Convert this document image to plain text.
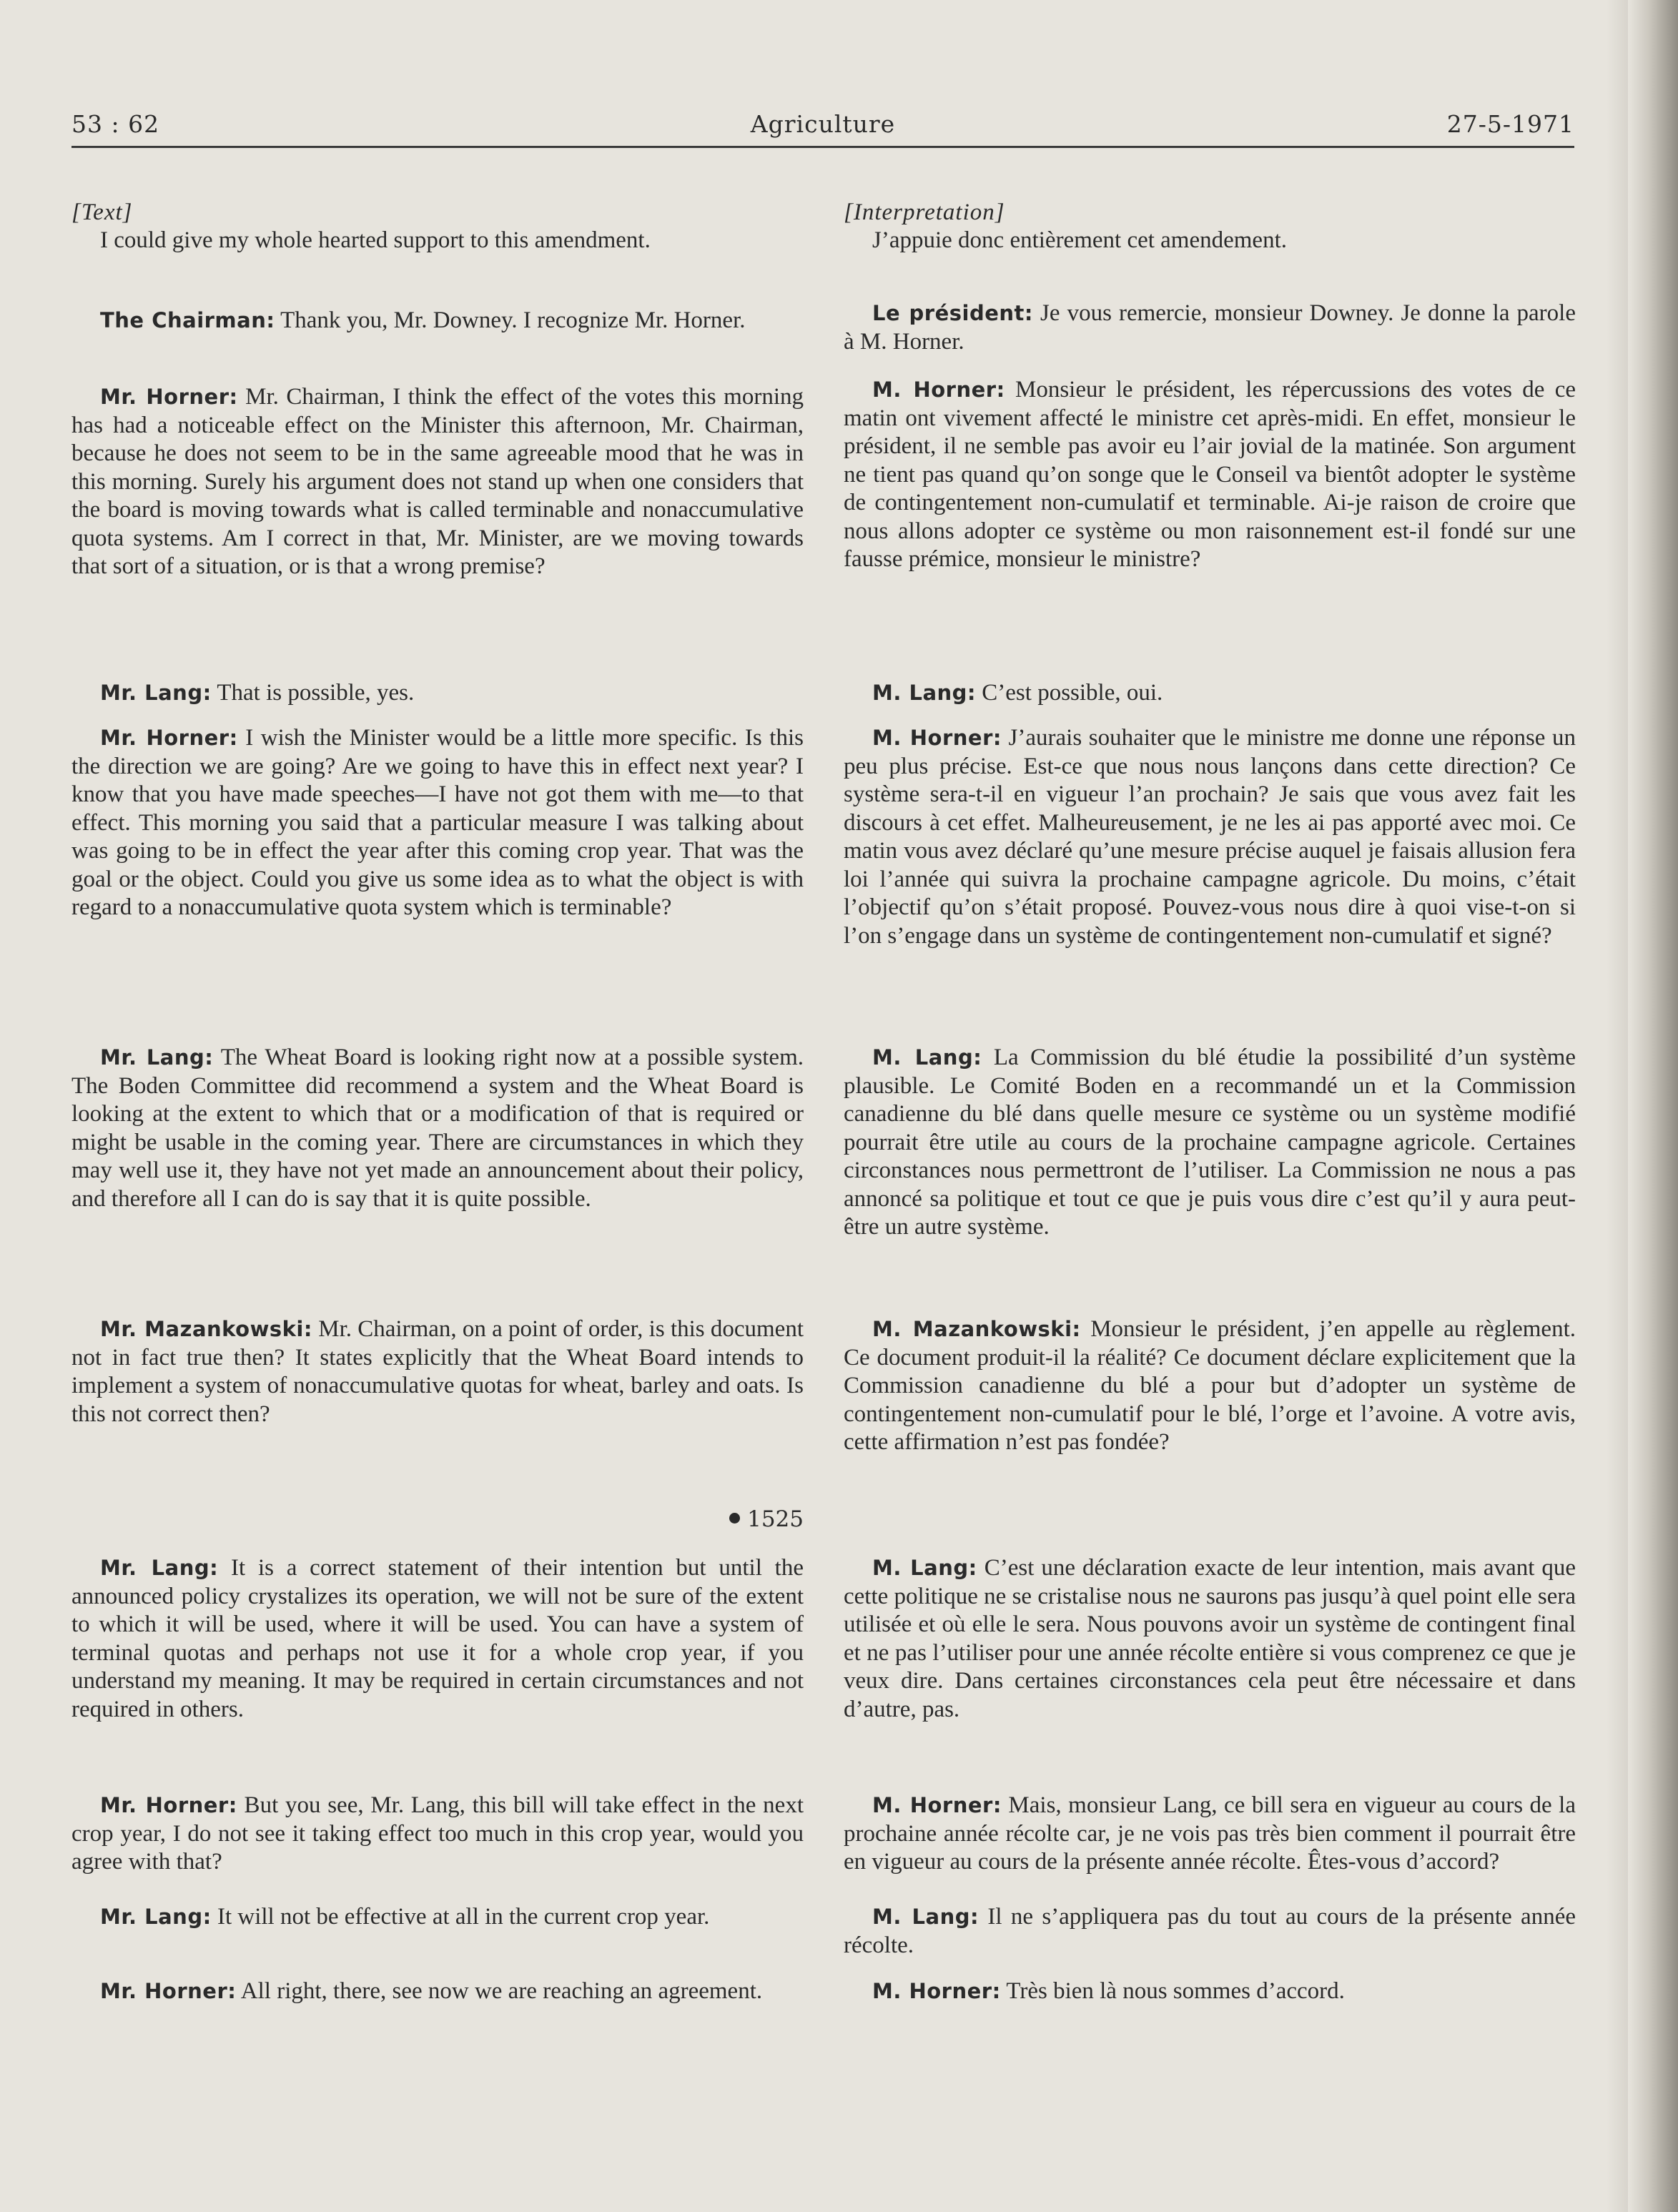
53 : 62	Agriculture	27-5-1971
[Text]

I could give my whole hearted support to this amendment.

The Chairman: Thank you, Mr. Downey. I recognize Mr. Horner.

Mr. Horner: Mr. Chairman, I think the effect of the votes this morning has had a noticeable effect on the Minister this afternoon, Mr. Chairman, because he does not seem to be in the same agreeable mood that he was in this morning. Surely his argument does not stand up when one considers that the board is moving towards what is called terminable and nonaccumulative quota systems. Am I correct in that, Mr. Minister, are we moving towards that sort of a situation, or is that a wrong premise?

Mr. Lang: That is possible, yes.

Mr. Horner: I wish the Minister would be a little more specific. Is this the direction we are going? Are we going to have this in effect next year? I know that you have made speeches—I have not got them with me—to that effect. This morning you said that a particular measure I was talking about was going to be in effect the year after this coming crop year. That was the goal or the object. Could you give us some idea as to what the object is with regard to a nonaccumulative quota system which is terminable?

Mr. Lang: The Wheat Board is looking right now at a possible system. The Boden Committee did recommend a system and the Wheat Board is looking at the extent to which that or a modification of that is required or might be usable in the coming year. There are circumstances in which they may well use it, they have not yet made an announcement about their policy, and therefore all I can do is say that it is quite possible.

Mr. Mazankowski: Mr. Chairman, on a point of order, is this document not in fact true then? It states explicitly that the Wheat Board intends to implement a system of nonaccumulative quotas for wheat, barley and oats. Is this not correct then?

1525

Mr. Lang: It is a correct statement of their intention but until the announced policy crystalizes its operation, we will not be sure of the extent to which it will be used, where it will be used. You can have a system of terminal quotas and perhaps not use it for a whole crop year, if you understand my meaning. It may be required in certain circumstances and not required in others.

Mr. Horner: But you see, Mr. Lang, this bill will take effect in the next crop year, I do not see it taking effect too much in this crop year, would you agree with that?

Mr. Lang: It will not be effective at all in the current crop year.

Mr. Horner: All right, there, see now we are reaching an agreement.

[Interpretation]

J’appuie donc entièrement cet amendement.

Le président: Je vous remercie, monsieur Downey. Je donne la parole à M. Horner.

M. Horner: Monsieur le président, les répercussions des votes de ce matin ont vivement affecté le ministre cet après-midi. En effet, monsieur le président, il ne semble pas avoir eu l’air jovial de la matinée. Son argument ne tient pas quand qu’on songe que le Conseil va bientôt adopter le système de contingentement non-cumulatif et terminable. Ai-je raison de croire que nous allons adopter ce système ou mon raisonnement est-il fondé sur une fausse prémice, monsieur le ministre?

M. Lang: C’est possible, oui.

M. Horner: J’aurais souhaiter que le ministre me donne une réponse un peu plus précise. Est-ce que nous nous lançons dans cette direction? Ce système sera-t-il en vigueur l’an prochain? Je sais que vous avez fait les discours à cet effet. Malheureusement, je ne les ai pas apporté avec moi. Ce matin vous avez déclaré qu’une mesure précise auquel je faisais allusion fera loi l’année qui suivra la prochaine campagne agricole. Du moins, c’était l’objectif qu’on s’était proposé. Pouvez-vous nous dire à quoi vise-t-on si l’on s’engage dans un système de contingentement non-cumulatif et signé?

M. Lang: La Commission du blé étudie la possibilité d’un système plausible. Le Comité Boden en a recommandé un et la Commission canadienne du blé dans quelle mesure ce système ou un système modifié pourrait être utile au cours de la prochaine campagne agricole. Certaines circonstances nous permettront de l’utiliser. La Commission ne nous a pas annoncé sa politique et tout ce que je puis vous dire c’est qu’il y aura peut-être un autre système.

M. Mazankowski: Monsieur le président, j’en appelle au règlement. Ce document produit-il la réalité? Ce document déclare explicitement que la Commission canadienne du blé a pour but d’adopter un système de contingentement non-cumulatif pour le blé, l’orge et l’avoine. A votre avis, cette affirmation n’est pas fondée?

M. Lang: C’est une déclaration exacte de leur intention, mais avant que cette politique ne se cristalise nous ne saurons pas jusqu’à quel point elle sera utilisée et où elle le sera. Nous pouvons avoir un système de contingent final et ne pas l’utiliser pour une année récolte entière si vous comprenez ce que je veux dire. Dans certaines circonstances cela peut être nécessaire et dans d’autre, pas.

M. Horner: Mais, monsieur Lang, ce bill sera en vigueur au cours de la prochaine année récolte car, je ne vois pas très bien comment il pourrait être en vigueur au cours de la présente année récolte. Êtes-vous d’accord?

M. Lang: Il ne s’appliquera pas du tout au cours de la présente année récolte.

M. Horner: Très bien là nous sommes d’accord.
